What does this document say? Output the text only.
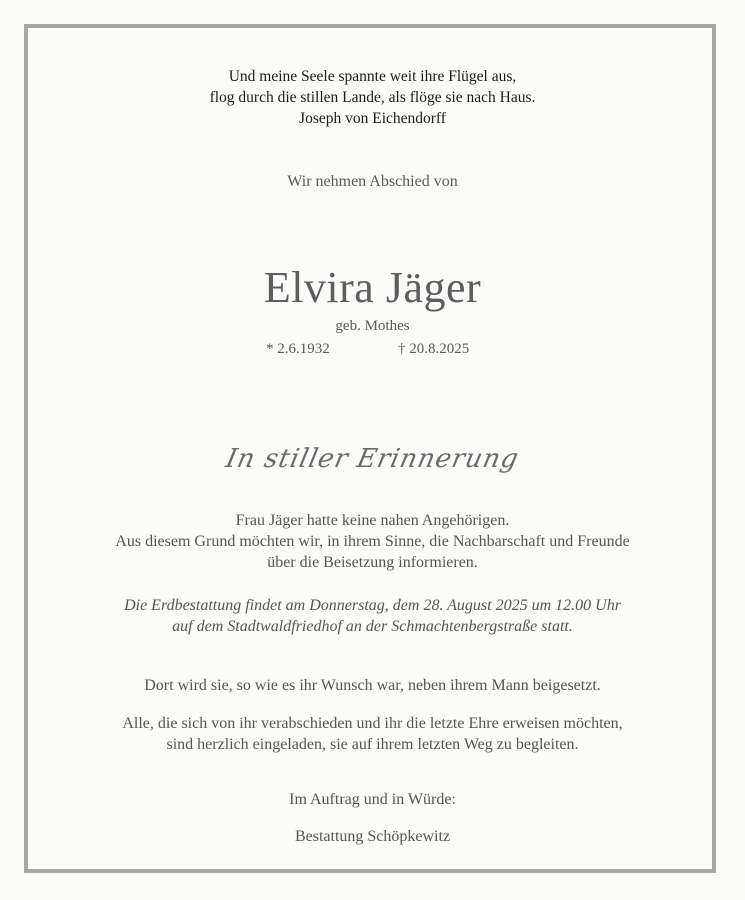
Und meine Seele spannte weit ihre Flügel aus,
flog durch die stillen Lande, als flöge sie nach Haus.
Joseph von Eichendorff
Wir nehmen Abschied von
Elvira Jäger
geb. Mothes
* 2.6.1932	† 20.8.2025
In stiller Erinnerung
Frau Jäger hatte keine nahen Angehörigen.
Aus diesem Grund möchten wir, in ihrem Sinne, die Nachbarschaft und Freunde
über die Beisetzung informieren.
Die Erdbestattung findet am Donnerstag, dem 28. August 2025 um 12.00 Uhr
auf dem Stadtwaldfriedhof an der Schmachtenbergstraße statt.
Dort wird sie, so wie es ihr Wunsch war, neben ihrem Mann beigesetzt.
Alle, die sich von ihr verabschieden und ihr die letzte Ehre erweisen möchten,
sind herzlich eingeladen, sie auf ihrem letzten Weg zu begleiten.
Im Auftrag und in Würde:
Bestattung Schöpkewitz
